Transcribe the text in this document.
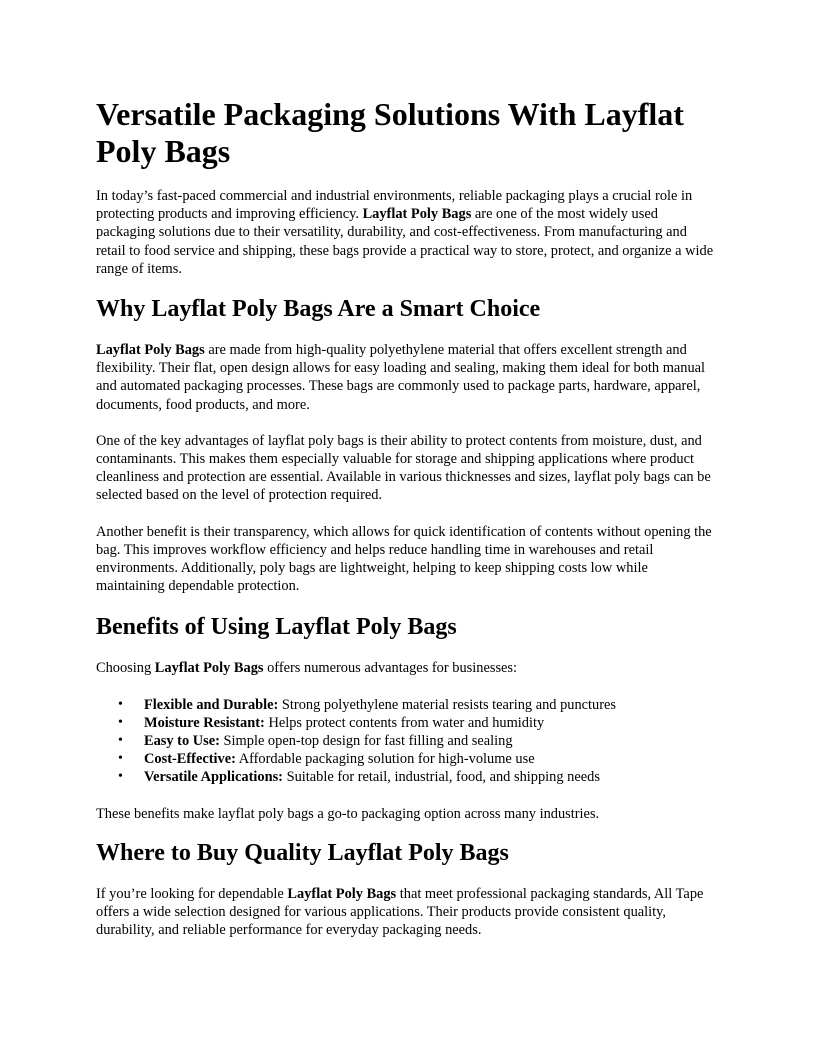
Versatile Packaging Solutions With Layflat Poly Bags

In today’s fast-paced commercial and industrial environments, reliable packaging plays a crucial role in protecting products and improving efficiency. Layflat Poly Bags are one of the most widely used packaging solutions due to their versatility, durability, and cost-effectiveness. From manufacturing and retail to food service and shipping, these bags provide a practical way to store, protect, and organize a wide range of items.

Why Layflat Poly Bags Are a Smart Choice

Layflat Poly Bags are made from high-quality polyethylene material that offers excellent strength and flexibility. Their flat, open design allows for easy loading and sealing, making them ideal for both manual and automated packaging processes. These bags are commonly used to package parts, hardware, apparel, documents, food products, and more.

One of the key advantages of layflat poly bags is their ability to protect contents from moisture, dust, and contaminants. This makes them especially valuable for storage and shipping applications where product cleanliness and protection are essential. Available in various thicknesses and sizes, layflat poly bags can be selected based on the level of protection required.

Another benefit is their transparency, which allows for quick identification of contents without opening the bag. This improves workflow efficiency and helps reduce handling time in warehouses and retail environments. Additionally, poly bags are lightweight, helping to keep shipping costs low while maintaining dependable protection.

Benefits of Using Layflat Poly Bags

Choosing Layflat Poly Bags offers numerous advantages for businesses:

• Flexible and Durable: Strong polyethylene material resists tearing and punctures
• Moisture Resistant: Helps protect contents from water and humidity
• Easy to Use: Simple open-top design for fast filling and sealing
• Cost-Effective: Affordable packaging solution for high-volume use
• Versatile Applications: Suitable for retail, industrial, food, and shipping needs

These benefits make layflat poly bags a go-to packaging option across many industries.

Where to Buy Quality Layflat Poly Bags

If you’re looking for dependable Layflat Poly Bags that meet professional packaging standards, All Tape offers a wide selection designed for various applications. Their products provide consistent quality, durability, and reliable performance for everyday packaging needs.
